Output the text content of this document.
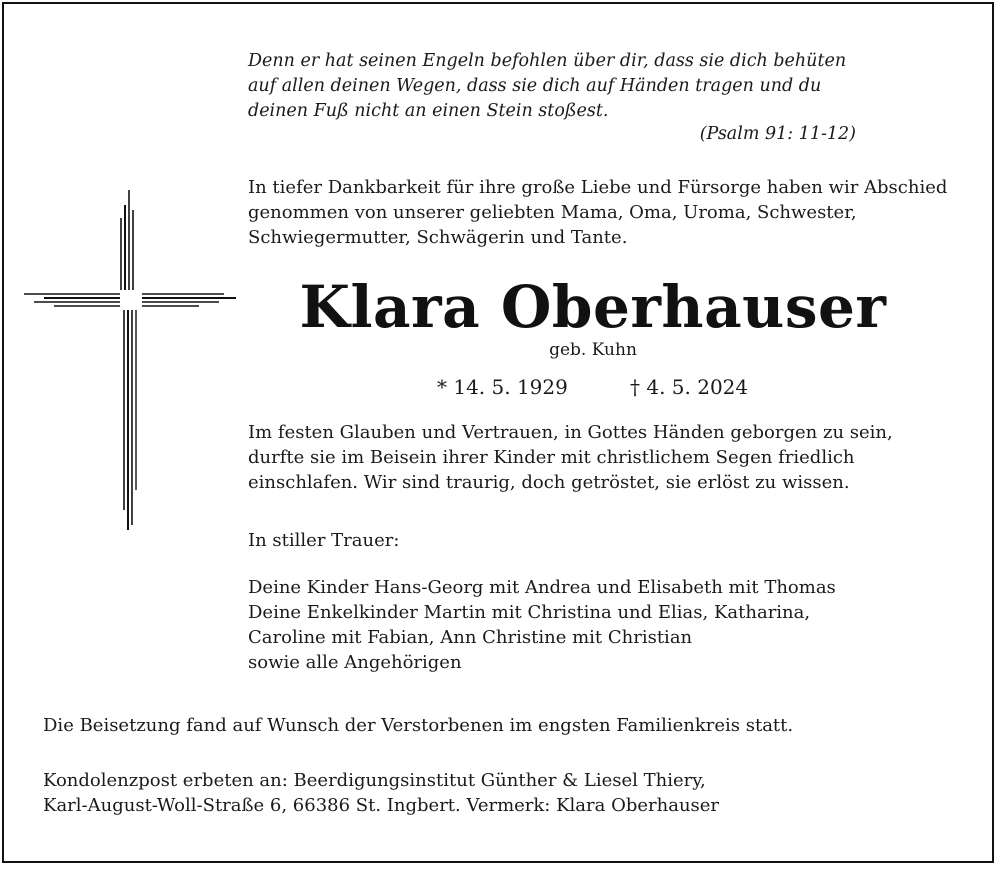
Denn er hat seinen Engeln befohlen über dir, dass sie dich behüten
auf allen deinen Wegen, dass sie dich auf Händen tragen und du
deinen Fuß nicht an einen Stein stoßest.
(Psalm 91: 11-12)
In tiefer Dankbarkeit für ihre große Liebe und Fürsorge haben wir Abschied
genommen von unserer geliebten Mama, Oma, Uroma, Schwester,
Schwiegermutter, Schwägerin und Tante.
Klara Oberhauser
geb. Kuhn
* 14. 5. 1929	† 4. 5. 2024
Im festen Glauben und Vertrauen, in Gottes Händen geborgen zu sein,
durfte sie im Beisein ihrer Kinder mit christlichem Segen friedlich
einschlafen. Wir sind traurig, doch getröstet, sie erlöst zu wissen.
In stiller Trauer:
Deine Kinder Hans-Georg mit Andrea und Elisabeth mit Thomas
Deine Enkelkinder Martin mit Christina und Elias, Katharina,
Caroline mit Fabian, Ann Christine mit Christian
sowie alle Angehörigen
Die Beisetzung fand auf Wunsch der Verstorbenen im engsten Familienkreis statt.
Kondolenzpost erbeten an: Beerdigungsinstitut Günther & Liesel Thiery,
Karl-August-Woll-Straße 6, 66386 St. Ingbert. Vermerk: Klara Oberhauser
